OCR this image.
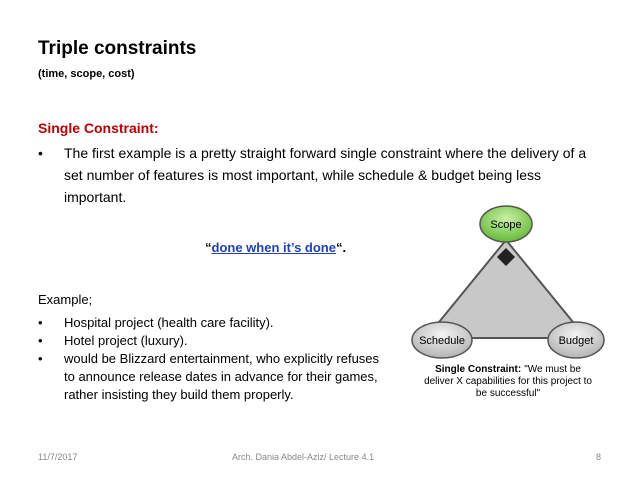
Triple constraints
(time, scope, cost)
Single Constraint:
• The first example is a pretty straight forward single constraint where the delivery of a set number of features is most important, while schedule & budget being less important.
“done when it’s done“.
Example;
• Hospital project (health care facility).
• Hotel project (luxury).
• would be Blizzard entertainment, who explicitly refuses to announce release dates in advance for their games, rather insisting they build them properly.
Scope
Schedule	Budget
Single Constraint: "We must be
deliver X capabilities for this project to
be successful"
11/7/2017	Arch. Dania Abdel-Aziz/ Lecture 4.1	8
